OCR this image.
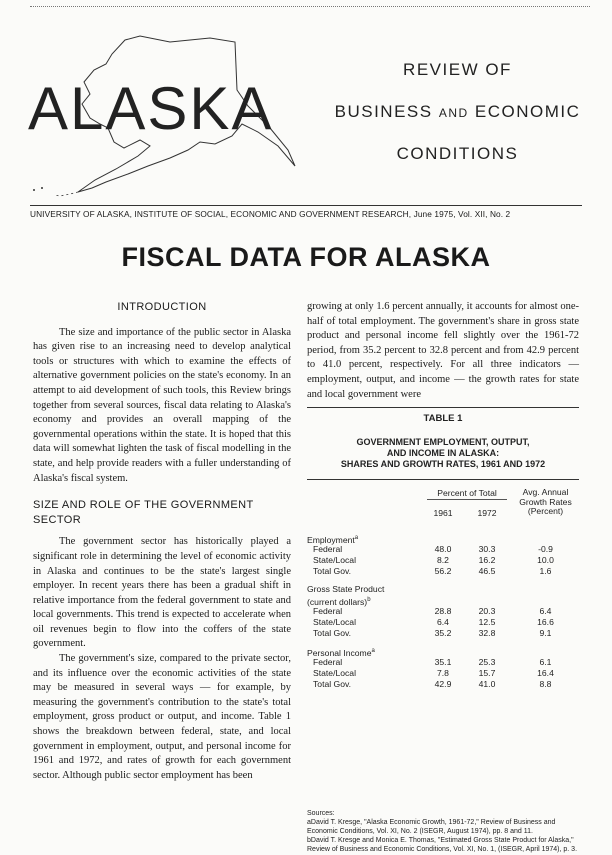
ALASKA
REVIEW OF
BUSINESS AND ECONOMIC
CONDITIONS
UNIVERSITY OF ALASKA, INSTITUTE OF SOCIAL, ECONOMIC AND GOVERNMENT RESEARCH, June 1975, Vol. XII, No. 2
FISCAL DATA FOR ALASKA
INTRODUCTION

The size and importance of the public sector in Alaska has given rise to an increasing need to develop analytical tools or structures with which to examine the effects of alternative government policies on the state's economy. In an attempt to aid development of such tools, this Review brings together from several sources, fiscal data relating to Alaska's economy and provides an overall mapping of the governmental operations within the state. It is hoped that this data will somewhat lighten the task of fiscal modelling in the state, and help provide readers with a fuller understanding of Alaska's fiscal system.

SIZE AND ROLE OF THE GOVERNMENT SECTOR

The government sector has historically played a significant role in determining the level of economic activity in Alaska and continues to be the state's largest single employer. In recent years there has been a gradual shift in relative importance from the federal government to state and local governments. This trend is expected to accelerate when oil revenues begin to flow into the coffers of the state government.

The government's size, compared to the private sector, and its influence over the economic activities of the state may be measured in several ways — for example, by measuring the government's contribution to the state's total employment, gross product or output, and income. Table 1 shows the breakdown between federal, state, and local government in employment, output, and personal income for 1961 and 1972, and rates of growth for each government sector. Although public sector employment has been

growing at only 1.6 percent annually, it accounts for almost one-half of total employment. The government's share in gross state product and personal income fell slightly over the 1961-72 period, from 35.2 percent to 32.8 percent and from 42.9 percent to 41.0 percent, respectively. For all three indicators — employment, output, and income — the growth rates for state and local government were

TABLE 1
GOVERNMENT EMPLOYMENT, OUTPUT,
AND INCOME IN ALASKA:
SHARES AND GROWTH RATES, 1961 AND 1972
Percent of Total	Avg. Annual
Growth Rates
(Percent)
1961	1972
Employment$^a$
Federal	48.0	30.3	-0.9
State/Local	8.2	16.2	10.0
Total Gov.	56.2	46.5	1.6
Gross State Product
(current dollars)$^b$
Federal	28.8	20.3	6.4
State/Local	6.4	12.5	16.6
Total Gov.	35.2	32.8	9.1
Personal Income$^a$
Federal	35.1	25.3	6.1
State/Local	7.8	15.7	16.4
Total Gov.	42.9	41.0	8.8
Sources:
aDavid T. Kresge, "Alaska Economic Growth, 1961-72," Review of Business and Economic Conditions, Vol. XI, No. 2 (ISEGR, August 1974), pp. 8 and 11.
bDavid T. Kresge and Monica E. Thomas, "Estimated Gross State Product for Alaska," Review of Business and Economic Conditions, Vol. XI, No. 1, (ISEGR, April 1974), p. 3.
